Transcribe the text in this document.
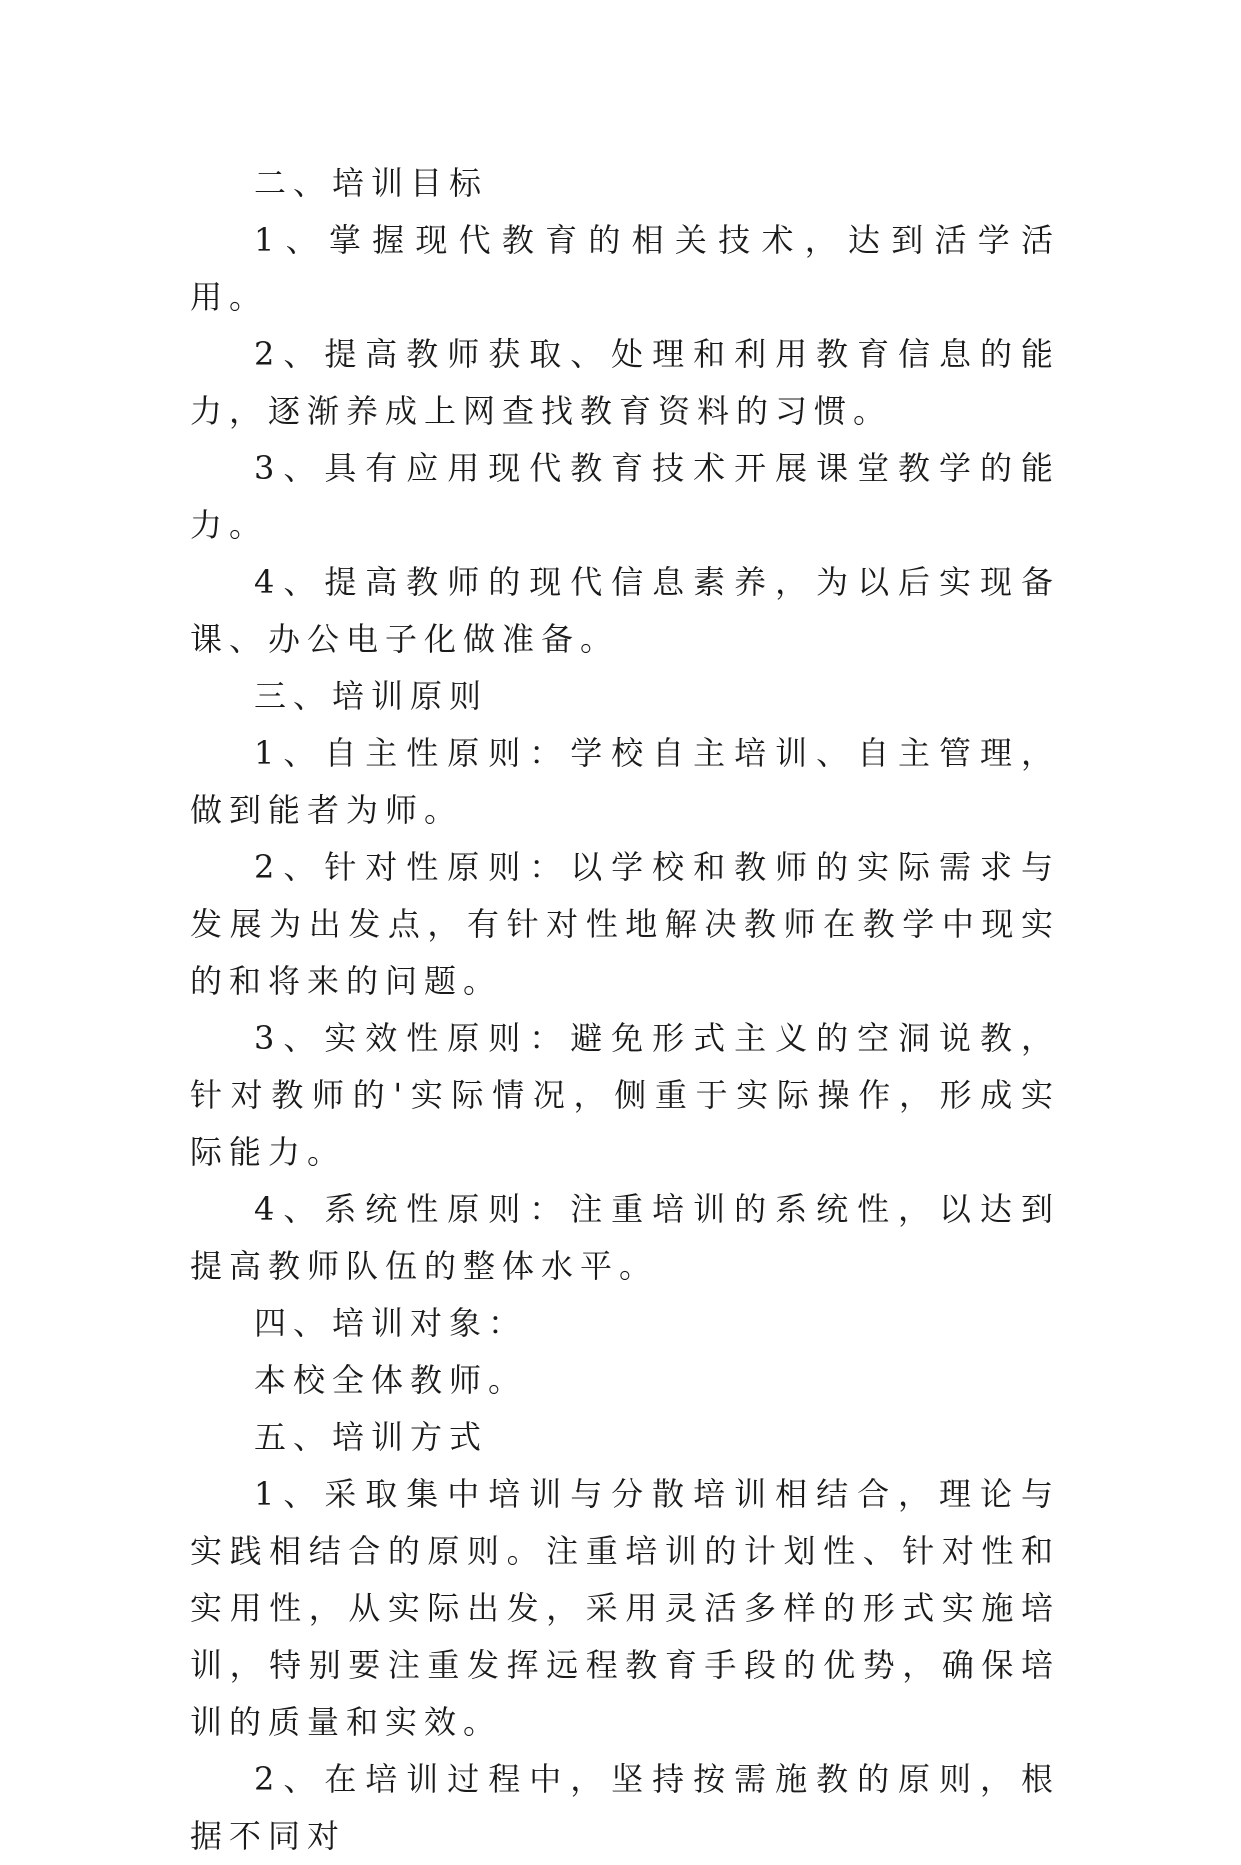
二、培训目标

1、掌握现代教育的相关技术，达到活学活用。

2、提高教师获取、处理和利用教育信息的能力，逐渐养成上网查找教育资料的习惯。

3、具有应用现代教育技术开展课堂教学的能力。

4、提高教师的现代信息素养，为以后实现备课、办公电子化做准备。

三、培训原则

1、自主性原则：学校自主培训、自主管理，做到能者为师。

2、针对性原则：以学校和教师的实际需求与发展为出发点，有针对性地解决教师在教学中现实的和将来的问题。

3、实效性原则：避免形式主义的空洞说教，针对教师的'实际情况，侧重于实际操作，形成实际能力。

4、系统性原则：注重培训的系统性，以达到提高教师队伍的整体水平。

四、培训对象：

本校全体教师。

五、培训方式

1、采取集中培训与分散培训相结合，理论与实践相结合的原则。注重培训的计划性、针对性和实用性，从实际出发，采用灵活多样的形式实施培训，特别要注重发挥远程教育手段的优势，确保培训的质量和实效。

2、在培训过程中，坚持按需施教的原则，根据不同对
